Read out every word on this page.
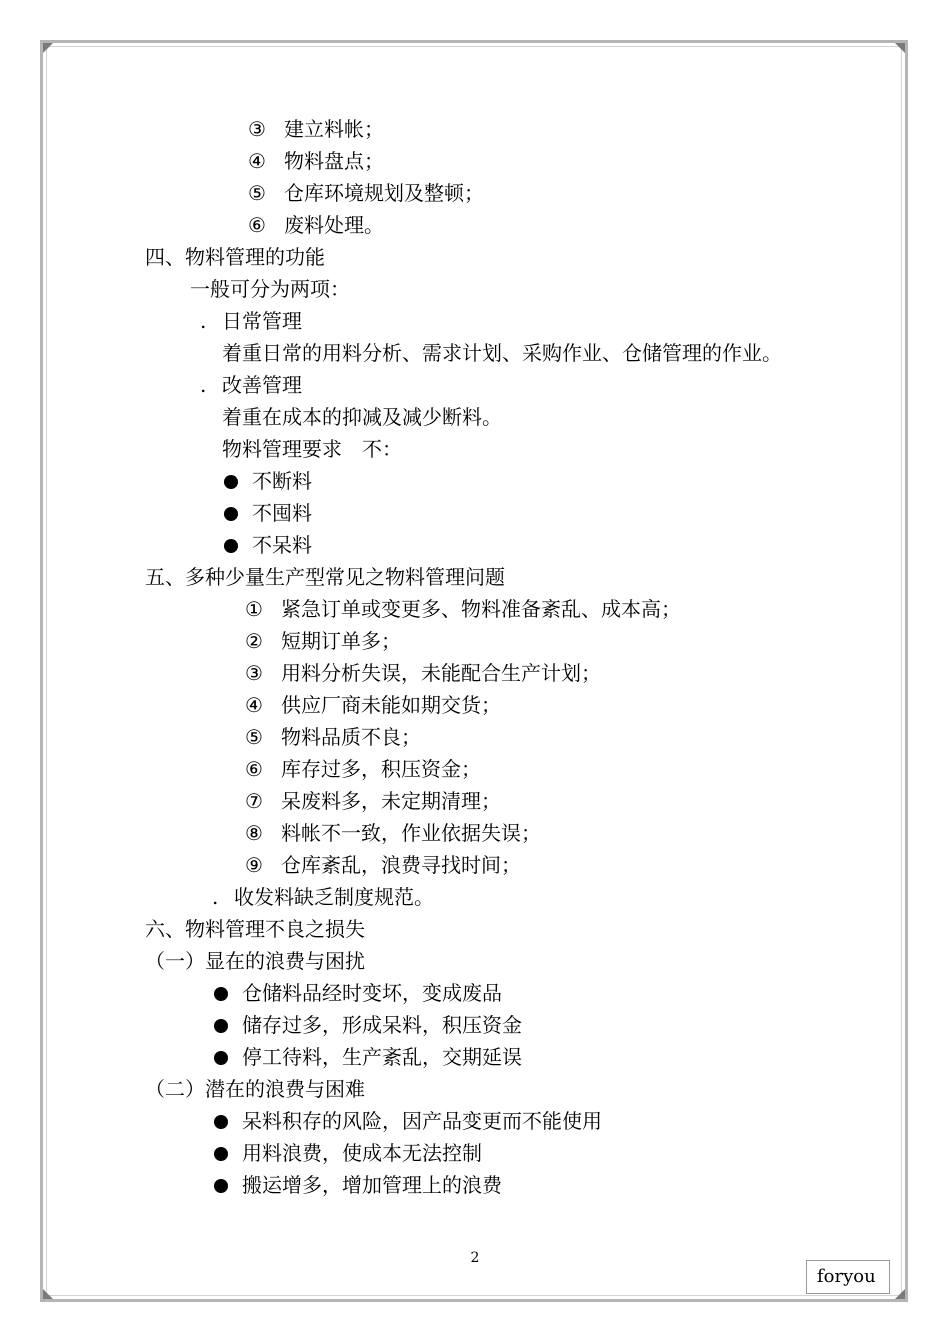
③ 建立料帐；
④ 物料盘点；
⑤ 仓库环境规划及整顿；
⑥ 废料处理。
四、物料管理的功能
一般可分为两项：
. 日常管理
着重日常的用料分析、需求计划、采购作业、仓储管理的作业。
. 改善管理
着重在成本的抑减及减少断料。
物料管理要求　不：
不断料
不囤料
不呆料
五、多种少量生产型常见之物料管理问题
① 紧急订单或变更多、物料准备紊乱、成本高；
② 短期订单多；
③ 用料分析失误，未能配合生产计划；
④ 供应厂商未能如期交货；
⑤ 物料品质不良；
⑥ 库存过多，积压资金；
⑦ 呆废料多，未定期清理；
⑧ 料帐不一致，作业依据失误；
⑨ 仓库紊乱，浪费寻找时间；
. 收发料缺乏制度规范。
六、物料管理不良之损失
（一）显在的浪费与困扰
仓储料品经时变坏，变成废品
储存过多，形成呆料，积压资金
停工待料，生产紊乱，交期延误
（二）潜在的浪费与困难
呆料积存的风险，因产品变更而不能使用
用料浪费，使成本无法控制
搬运增多，增加管理上的浪费
2
foryou
